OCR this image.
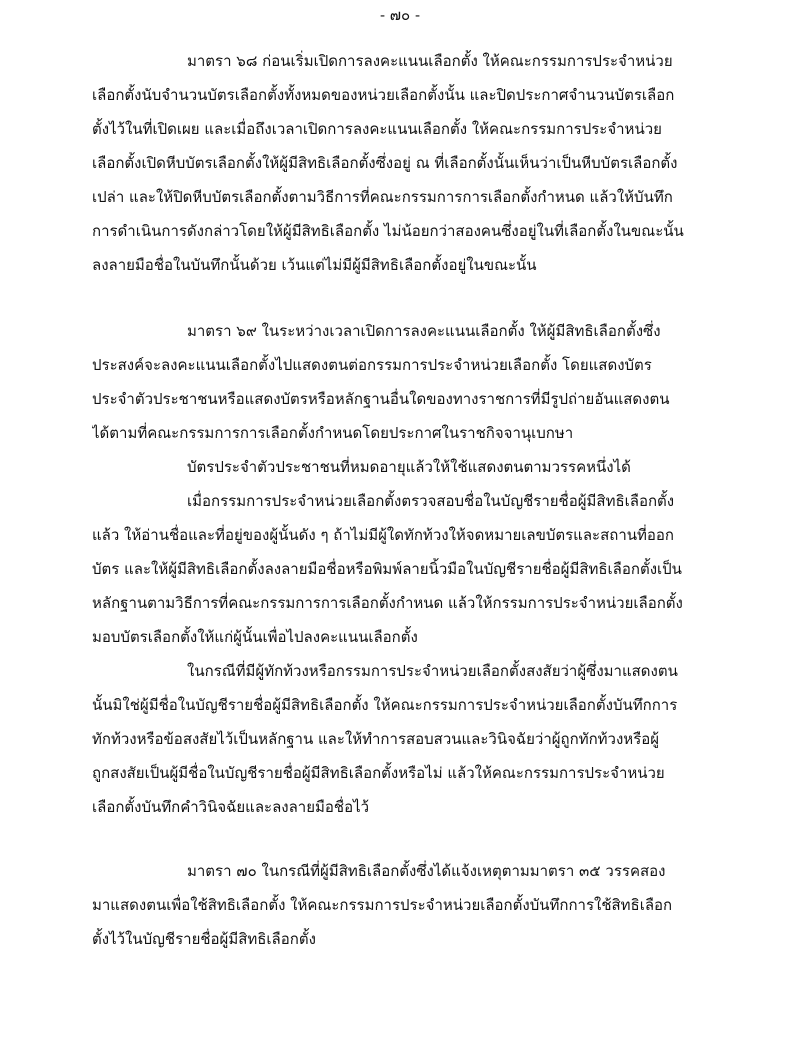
- ๗๐ -
มาตรา ๖๘ ก่อนเริ่มเปิดการลงคะแนนเลือกตั้ง ให้คณะกรรมการประจำหน่วย
เลือกตั้งนับจำนวนบัตรเลือกตั้งทั้งหมดของหน่วยเลือกตั้งนั้น และปิดประกาศจำนวนบัตรเลือก
ตั้งไว้ในที่เปิดเผย และเมื่อถึงเวลาเปิดการลงคะแนนเลือกตั้ง ให้คณะกรรมการประจำหน่วย
เลือกตั้งเปิดหีบบัตรเลือกตั้งให้ผู้มีสิทธิเลือกตั้งซึ่งอยู่ ณ ที่เลือกตั้งนั้นเห็นว่าเป็นหีบบัตรเลือกตั้ง
เปล่า และให้ปิดหีบบัตรเลือกตั้งตามวิธีการที่คณะกรรมการการเลือกตั้งกำหนด แล้วให้บันทึก
การดำเนินการดังกล่าวโดยให้ผู้มีสิทธิเลือกตั้ง ไม่น้อยกว่าสองคนซึ่งอยู่ในที่เลือกตั้งในขณะนั้น
ลงลายมือชื่อในบันทึกนั้นด้วย เว้นแต่ไม่มีผู้มีสิทธิเลือกตั้งอยู่ในขณะนั้น
มาตรา ๖๙ ในระหว่างเวลาเปิดการลงคะแนนเลือกตั้ง ให้ผู้มีสิทธิเลือกตั้งซึ่ง
ประสงค์จะลงคะแนนเลือกตั้งไปแสดงตนต่อกรรมการประจำหน่วยเลือกตั้ง โดยแสดงบัตร
ประจำตัวประชาชนหรือแสดงบัตรหรือหลักฐานอื่นใดของทางราชการที่มีรูปถ่ายอันแสดงตน
ได้ตามที่คณะกรรมการการเลือกตั้งกำหนดโดยประกาศในราชกิจจานุเบกษา
บัตรประจำตัวประชาชนที่หมดอายุแล้วให้ใช้แสดงตนตามวรรคหนึ่งได้
เมื่อกรรมการประจำหน่วยเลือกตั้งตรวจสอบชื่อในบัญชีรายชื่อผู้มีสิทธิเลือกตั้ง
แล้ว ให้อ่านชื่อและที่อยู่ของผู้นั้นดัง ๆ ถ้าไม่มีผู้ใดทักท้วงให้จดหมายเลขบัตรและสถานที่ออก
บัตร และให้ผู้มีสิทธิเลือกตั้งลงลายมือชื่อหรือพิมพ์ลายนิ้วมือในบัญชีรายชื่อผู้มีสิทธิเลือกตั้งเป็น
หลักฐานตามวิธีการที่คณะกรรมการการเลือกตั้งกำหนด แล้วให้กรรมการประจำหน่วยเลือกตั้ง
มอบบัตรเลือกตั้งให้แก่ผู้นั้นเพื่อไปลงคะแนนเลือกตั้ง
ในกรณีที่มีผู้ทักท้วงหรือกรรมการประจำหน่วยเลือกตั้งสงสัยว่าผู้ซึ่งมาแสดงตน
นั้นมิใช่ผู้มีชื่อในบัญชีรายชื่อผู้มีสิทธิเลือกตั้ง ให้คณะกรรมการประจำหน่วยเลือกตั้งบันทึกการ
ทักท้วงหรือข้อสงสัยไว้เป็นหลักฐาน และให้ทำการสอบสวนและวินิจฉัยว่าผู้ถูกทักท้วงหรือผู้
ถูกสงสัยเป็นผู้มีชื่อในบัญชีรายชื่อผู้มีสิทธิเลือกตั้งหรือไม่ แล้วให้คณะกรรมการประจำหน่วย
เลือกตั้งบันทึกคำวินิจฉัยและลงลายมือชื่อไว้
มาตรา ๗๐ ในกรณีที่ผู้มีสิทธิเลือกตั้งซึ่งได้แจ้งเหตุตามมาตรา ๓๕ วรรคสอง
มาแสดงตนเพื่อใช้สิทธิเลือกตั้ง ให้คณะกรรมการประจำหน่วยเลือกตั้งบันทึกการใช้สิทธิเลือก
ตั้งไว้ในบัญชีรายชื่อผู้มีสิทธิเลือกตั้ง
